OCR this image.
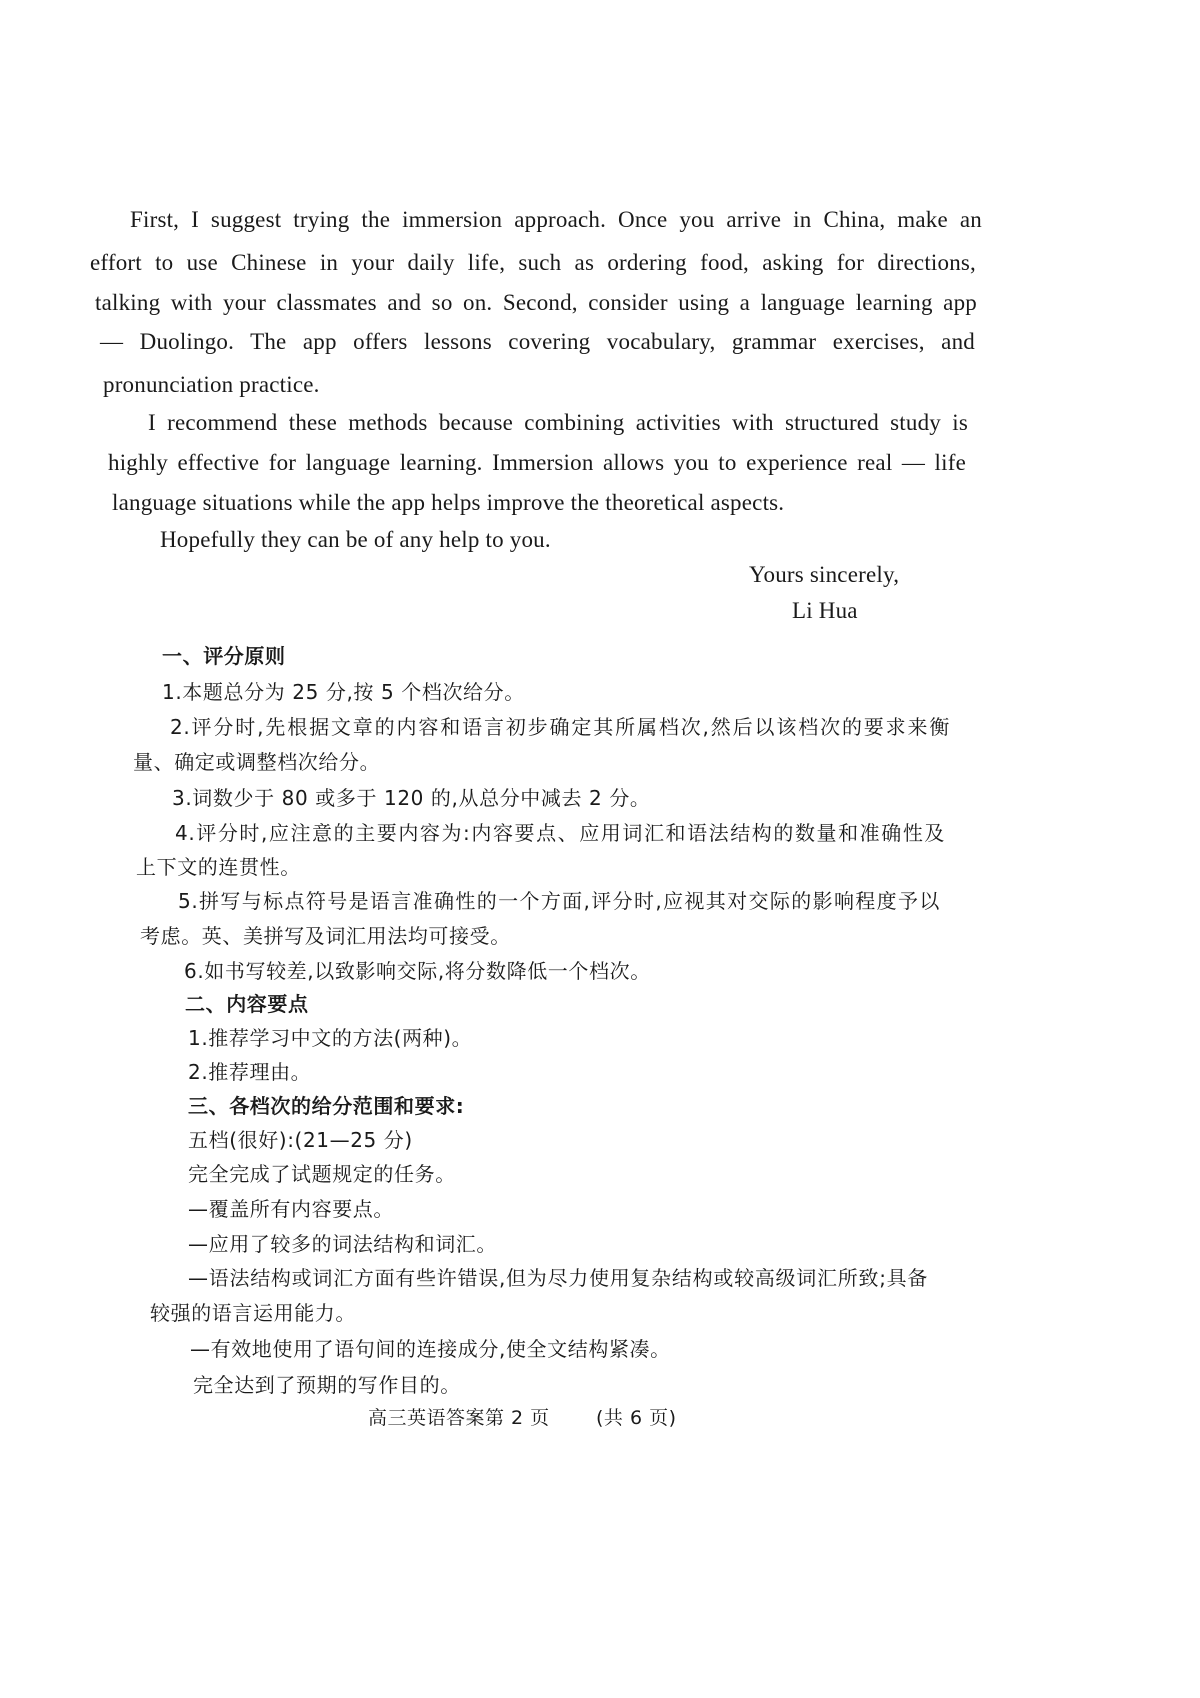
First, I suggest trying the immersion approach. Once you arrive in China, make an
effort to use Chinese in your daily life, such as ordering food, asking for directions,
talking with your classmates and so on. Second, consider using a language learning app
— Duolingo. The app offers lessons covering vocabulary, grammar exercises, and
pronunciation practice.
I recommend these methods because combining activities with structured study is
highly effective for language learning. Immersion allows you to experience real — life
language situations while the app helps improve the theoretical aspects.
Hopefully they can be of any help to you.
Yours sincerely,
Li Hua
一、评分原则
1.本题总分为 25 分,按 5 个档次给分。
2.评分时,先根据文章的内容和语言初步确定其所属档次,然后以该档次的要求来衡
量、确定或调整档次给分。
3.词数少于 80 或多于 120 的,从总分中减去 2 分。
4.评分时,应注意的主要内容为:内容要点、应用词汇和语法结构的数量和准确性及
上下文的连贯性。
5.拼写与标点符号是语言准确性的一个方面,评分时,应视其对交际的影响程度予以
考虑。英、美拼写及词汇用法均可接受。
6.如书写较差,以致影响交际,将分数降低一个档次。
二、内容要点
1.推荐学习中文的方法(两种)。
2.推荐理由。
三、各档次的给分范围和要求:
五档(很好):(21—25 分)
完全完成了试题规定的任务。
—覆盖所有内容要点。
—应用了较多的词法结构和词汇。
—语法结构或词汇方面有些许错误,但为尽力使用复杂结构或较高级词汇所致;具备
较强的语言运用能力。
—有效地使用了语句间的连接成分,使全文结构紧凑。
完全达到了预期的写作目的。
高三英语答案第 2 页 (共 6 页)
